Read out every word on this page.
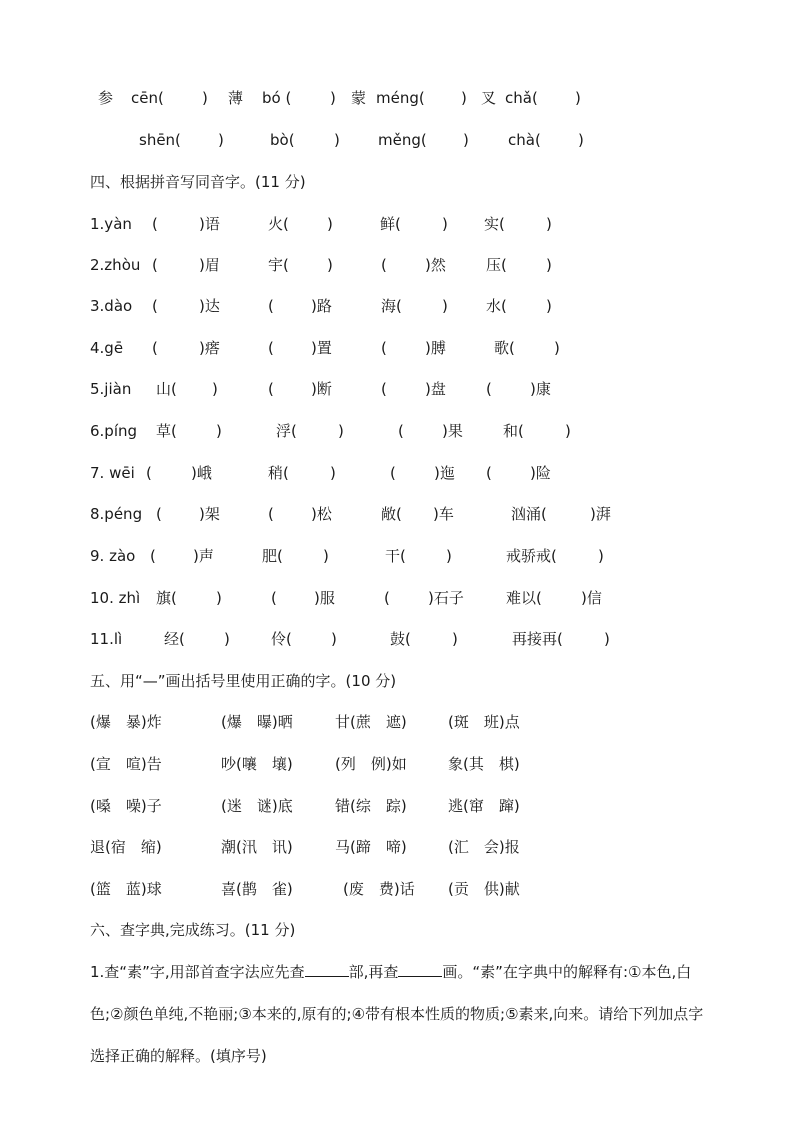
参 cēn(	) 薄 bó (	) 蒙 méng( ) 叉 chǎ( )
shēn( )	bò(	)	měng( )	chà( )
四、根据拼音写同音字。(11 分)
1.yàn (	)语	火(	)	鲜(	) 实(	)
2.zhòu (	)眉	宇(	)	(	)然	压(	)
3.dào (	)达	( )路	海(	)	水(	)
4.gē (	)瘩	( )置	(	)膊	歌(	)
5.jiàn 山( )	( )断	(	)盘	(	)康
6.píng 草(	)	浮(	)	(	)果	和(	)
7. wēi (	)峨	稍(	)	(	)迤 (	)险
8.péng ( )架	( )松	敞( )车	汹涌(	)湃
9. zào ( )声	肥(	)	干(	)	戒骄戒(	)
10. zhì 旗(	)	( )服	(	)石子	难以(	)信
11.lì	经(	)	伶(	)	鼓(	)	再接再(	)
五、用“—”画出括号里使用正确的字。(10 分)
(爆　暴)炸	(爆　曝)晒	甘(蔗　遮)	(斑　班)点
(宣　喧)告	吵(嚷　壤)	(列　例)如	象(其　棋)
(嗓　噪)子	(迷　谜)底	错(综　踪)	逃(窜　蹿)
退(宿　缩)	潮(汛　讯)	马(蹄　啼)	(汇　会)报
(篮　蓝)球	喜(鹊　雀)	(废　费)话 (贡　供)献
六、查字典,完成练习。(11 分)
1.查“素”字,用部首查字法应先查	部,再查	画。“素”在字典中的解释有:①本色,白色;②颜色单纯,不艳丽;③本来的,原有的;④带有根本性质的物质;⑤素来,向来。请给下列加点字选择正确的解释。(填序号)
